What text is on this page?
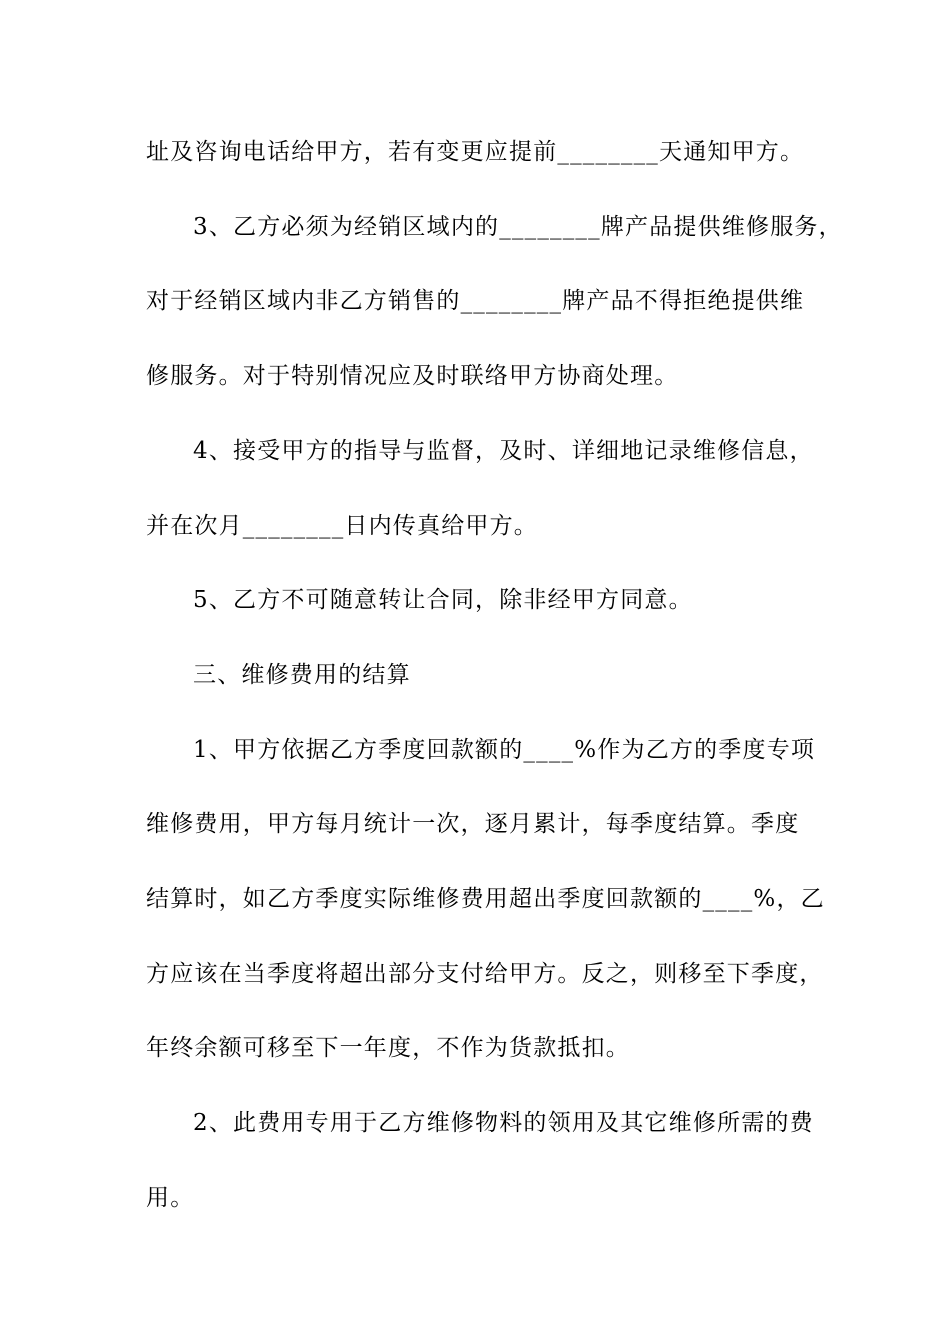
址及咨询电话给甲方，若有变更应提前________天通知甲方。
3、乙方必须为经销区域内的________牌产品提供维修服务，
对于经销区域内非乙方销售的________牌产品不得拒绝提供维
修服务。对于特别情况应及时联络甲方协商处理。
4、接受甲方的指导与监督，及时、详细地记录维修信息，
并在次月________日内传真给甲方。
5、乙方不可随意转让合同，除非经甲方同意。
三、维修费用的结算
1、甲方依据乙方季度回款额的____%作为乙方的季度专项
维修费用，甲方每月统计一次，逐月累计，每季度结算。季度
结算时，如乙方季度实际维修费用超出季度回款额的____%，乙
方应该在当季度将超出部分支付给甲方。反之，则移至下季度，
年终余额可移至下一年度，不作为货款抵扣。
2、此费用专用于乙方维修物料的领用及其它维修所需的费
用。
